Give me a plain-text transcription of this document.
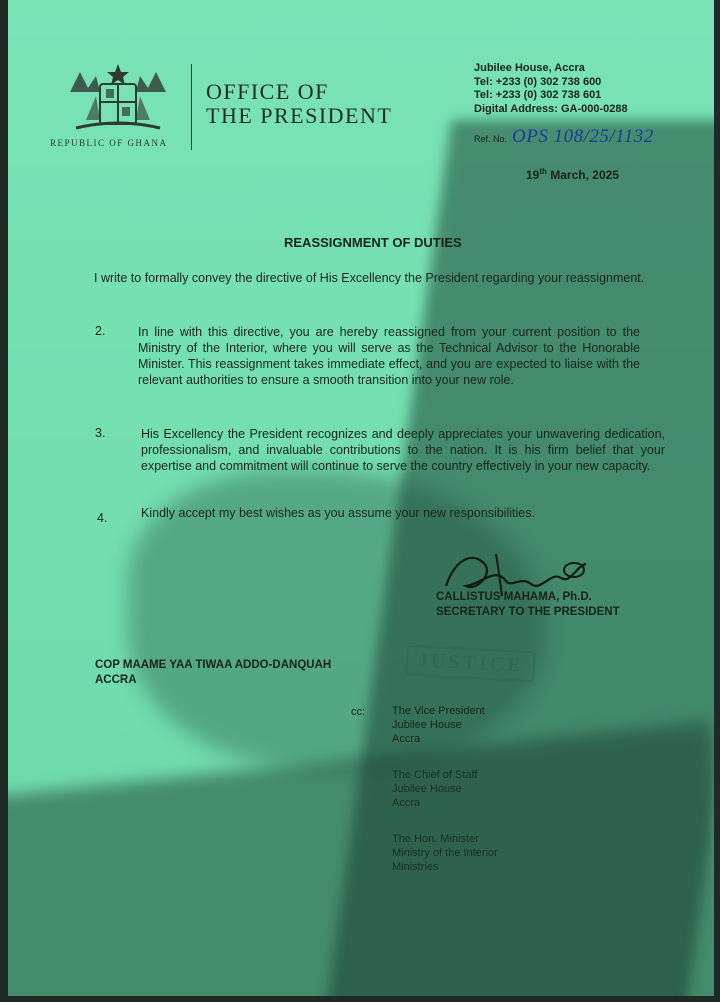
REPUBLIC OF GHANA
OFFICE OF
THE PRESIDENT
Jubilee House, Accra
Tel: +233 (0) 302 738 600
Tel: +233 (0) 302 738 601
Digital Address: GA-000-0288
Ref. No. OPS 108/25/1132
19th March, 2025
REASSIGNMENT OF DUTIES
I write to formally convey the directive of His Excellency the President regarding your reassignment.
2.	In line with this directive, you are hereby reassigned from your current position to the Ministry of the Interior, where you will serve as the Technical Advisor to the Honorable Minister. This reassignment takes immediate effect, and you are expected to liaise with the relevant authorities to ensure a smooth transition into your new role.
3.	His Excellency the President recognizes and deeply appreciates your unwavering dedication, professionalism, and invaluable contributions to the nation. It is his firm belief that your expertise and commitment will continue to serve the country effectively in your new capacity.
4.	Kindly accept my best wishes as you assume your new responsibilities.
CALLISTUS MAHAMA, Ph.D.
SECRETARY TO THE PRESIDENT
JUSTICE
COP MAAME YAA TIWAA ADDO-DANQUAH
ACCRA
cc: The Vice President
Jubilee House
Accra
